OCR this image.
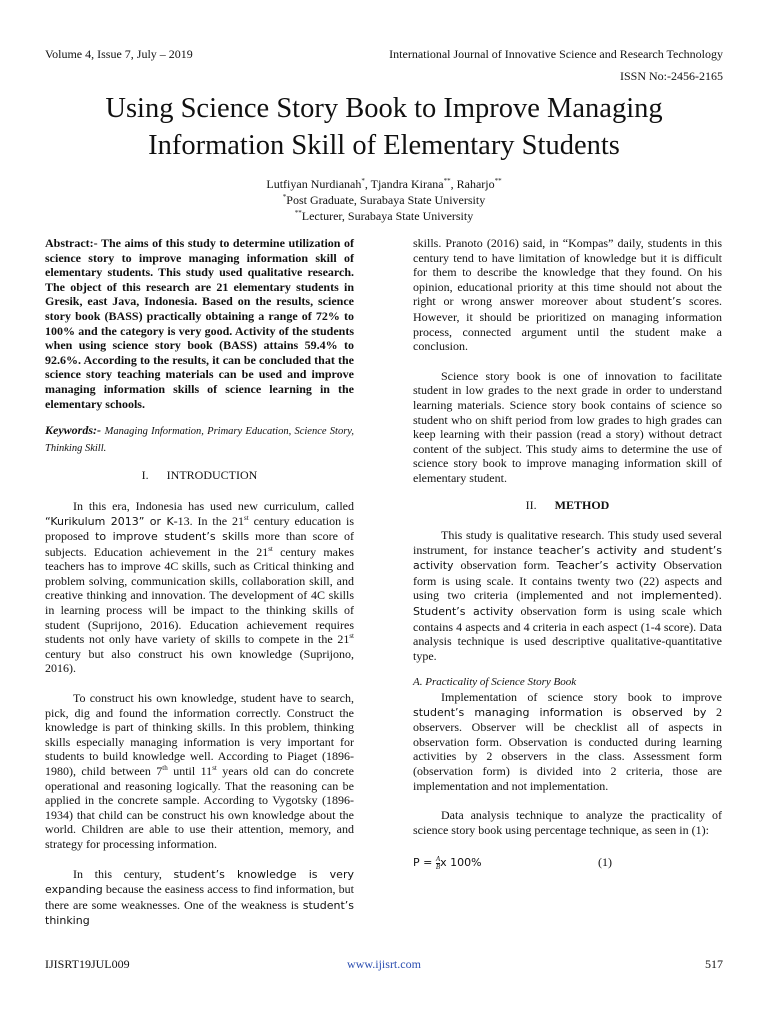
Volume 4, Issue 7, July – 2019	International Journal of Innovative Science and Research Technology
ISSN No:-2456-2165
Using Science Story Book to Improve Managing Information Skill of Elementary Students
Lutfiyan Nurdianah*, Tjandra Kirana**, Raharjo**
*Post Graduate, Surabaya State University
**Lecturer, Surabaya State University

Abstract:- The aims of this study to determine utilization of science story to improve managing information skill of elementary students. This study used qualitative research. The object of this research are 21 elementary students in Gresik, east Java, Indonesia. Based on the results, science story book (BASS) practically obtaining a range of 72% to 100% and the category is very good. Activity of the students when using science story book (BASS) attains 59.4% to 92.6%. According to the results, it can be concluded that the science story teaching materials can be used and improve managing information skills of science learning in the elementary schools.

Keywords:- Managing Information, Primary Education, Science Story, Thinking Skill.

I. INTRODUCTION

In this era, Indonesia has used new curriculum, called “Kurikulum 2013” or K-13. In the 21st century education is proposed to improve student’s skills more than score of subjects. Education achievement in the 21st century makes teachers has to improve 4C skills, such as Critical thinking and problem solving, communication skills, collaboration skill, and creative thinking and innovation. The development of 4C skills in learning process will be impact to the thinking skills of student (Suprijono, 2016). Education achievement requires students not only have variety of skills to compete in the 21st century but also construct his own knowledge (Suprijono, 2016).

To construct his own knowledge, student have to search, pick, dig and found the information correctly. Construct the knowledge is part of thinking skills. In this problem, thinking skills especially managing information is very important for students to build knowledge well. According to Piaget (1896-1980), child between 7th until 11st years old can do concrete operational and reasoning logically. That the reasoning can be applied in the concrete sample. According to Vygotsky (1896-1934) that child can be construct his own knowledge about the world. Children are able to use their attention, memory, and strategy for processing information.

In this century, student’s knowledge is very expanding because the easiness access to find information, but there are some weaknesses. One of the weakness is student’s thinking

skills. Pranoto (2016) said, in “Kompas” daily, students in this century tend to have limitation of knowledge but it is difficult for them to describe the knowledge that they found. On his opinion, educational priority at this time should not about the right or wrong answer moreover about student’s scores. However, it should be prioritized on managing information process, connected argument until the student make a conclusion.

Science story book is one of innovation to facilitate student in low grades to the next grade in order to understand learning materials. Science story book contains of science so student who on shift period from low grades to high grades can keep learning with their passion (read a story) without detract content of the subject. This study aims to determine the use of science story book to improve managing information skill of elementary student.

II. METHOD

This study is qualitative research. This study used several instrument, for instance teacher’s activity and student’s activity observation form. Teacher’s activity Observation form is using scale. It contains twenty two (22) aspects and using two criteria (implemented and not implemented). Student’s activity observation form is using scale which contains 4 aspects and 4 criteria in each aspect (1-4 score). Data analysis technique is used descriptive qualitative-quantitative type.

A. Practicality of Science Story Book

Implementation of science story book to improve student’s managing information is observed by 2 observers. Observer will be checklist all of aspects in observation form. Observation is conducted during learning activities by 2 observers in the class. Assessment form (observation form) is divided into 2 criteria, those are implementation and not implementation.

Data analysis technique to analyze the practicality of science story book using percentage technique, as seen in (1):

$P = \frac{A}{B}$ x 100%	(1)

IJISRT19JUL009	www.ijisrt.com	517
